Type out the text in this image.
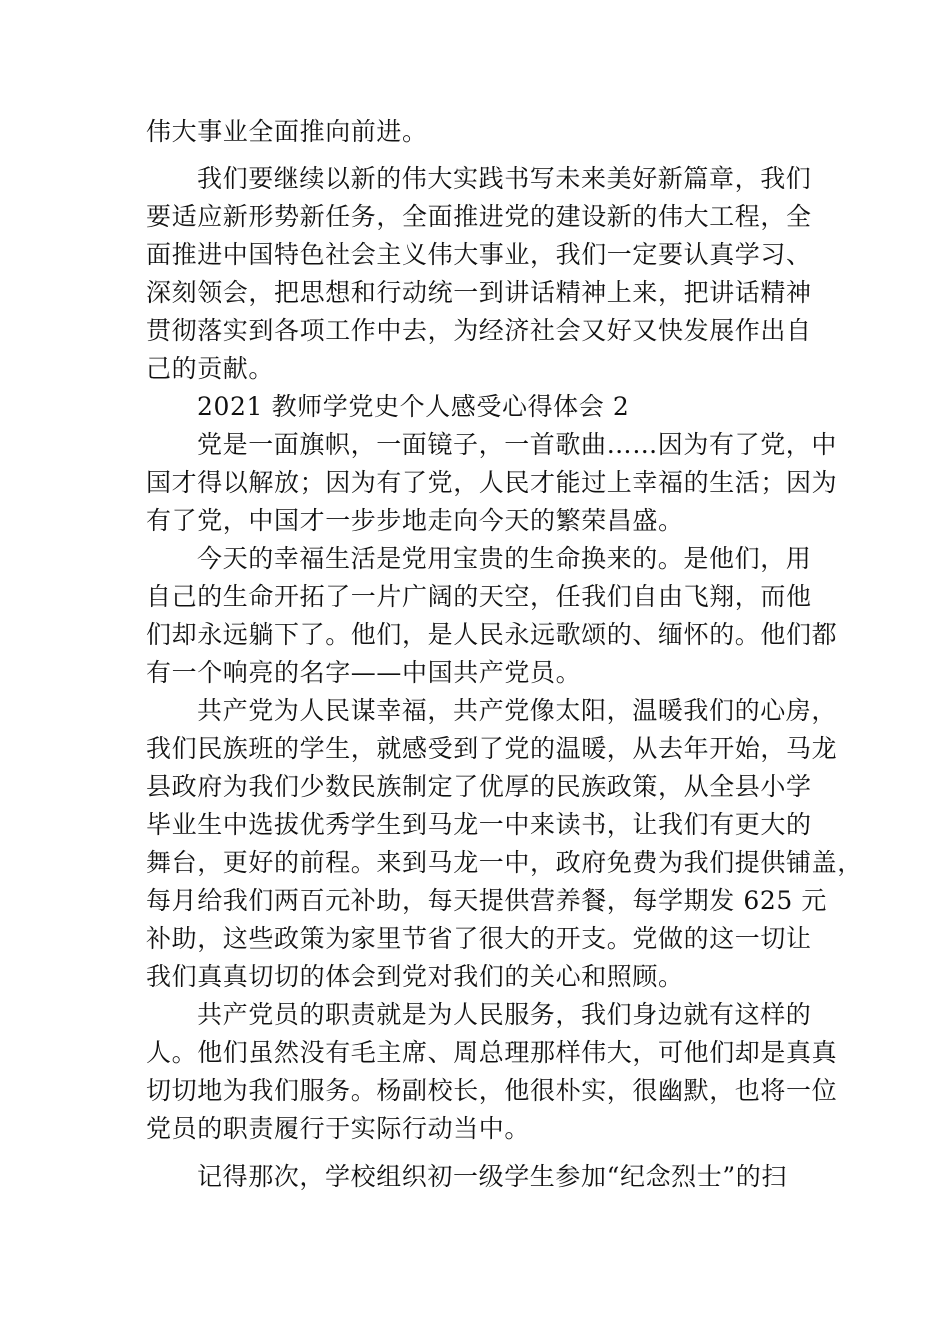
伟大事业全面推向前进。
我们要继续以新的伟大实践书写未来美好新篇章，我们
要适应新形势新任务，全面推进党的建设新的伟大工程，全
面推进中国特色社会主义伟大事业，我们一定要认真学习、
深刻领会，把思想和行动统一到讲话精神上来，把讲话精神
贯彻落实到各项工作中去，为经济社会又好又快发展作出自
己的贡献。
2021 教师学党史个人感受心得体会 2
党是一面旗帜，一面镜子，一首歌曲……因为有了党，中
国才得以解放；因为有了党，人民才能过上幸福的生活；因为
有了党，中国才一步步地走向今天的繁荣昌盛。
今天的幸福生活是党用宝贵的生命换来的。是他们，用
自己的生命开拓了一片广阔的天空，任我们自由飞翔，而他
们却永远躺下了。他们，是人民永远歌颂的、缅怀的。他们都
有一个响亮的名字——中国共产党员。
共产党为人民谋幸福，共产党像太阳，温暖我们的心房，
我们民族班的学生，就感受到了党的温暖，从去年开始，马龙
县政府为我们少数民族制定了优厚的民族政策，从全县小学
毕业生中选拔优秀学生到马龙一中来读书，让我们有更大的
舞台，更好的前程。来到马龙一中，政府免费为我们提供铺盖，
每月给我们两百元补助，每天提供营养餐，每学期发 625 元
补助，这些政策为家里节省了很大的开支。党做的这一切让
我们真真切切的体会到党对我们的关心和照顾。
共产党员的职责就是为人民服务，我们身边就有这样的
人。他们虽然没有毛主席、周总理那样伟大，可他们却是真真
切切地为我们服务。杨副校长，他很朴实，很幽默，也将一位
党员的职责履行于实际行动当中。
记得那次，学校组织初一级学生参加“纪念烈士”的扫
